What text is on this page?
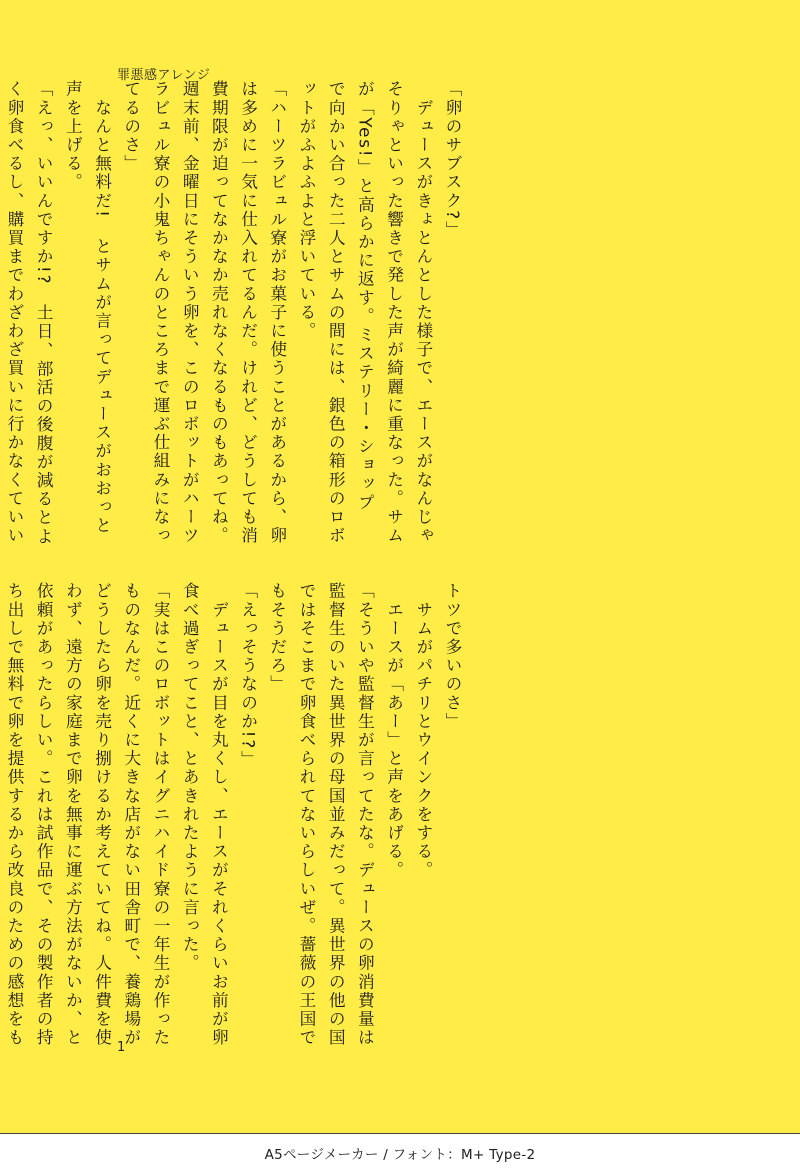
罪悪感アレンジ
「卵のサブスク?」
　デュースがきょとんとした様子で、エースがなんじゃ
そりゃといった響きで発した声が綺麗に重なった。サム
が「Yes!」と高らかに返す。ミステリー・ショップ
で向かい合った二人とサムの間には、銀色の箱形のロボ
ットがふよふよと浮いている。
「ハーツラビュル寮がお菓子に使うことがあるから、卵
は多めに一気に仕入れてるんだ。けれど、どうしても消
費期限が迫ってなかなか売れなくなるものもあってね。
週末前、金曜日にそういう卵を、このロボットがハーツ
ラビュル寮の小鬼ちゃんのところまで運ぶ仕組みになっ
てるのさ」
　なんと無料だ!　とサムが言ってデュースがおおっと
声を上げる。
「えっ、いいんですか!?　土日、部活の後腹が減るとよ
く卵食べるし、購買までわざわざ買いに行かなくていい
トツで多いのさ」
　サムがパチリとウインクをする。
　エースが「あー」と声をあげる。
「そういや監督生が言ってたな。デュースの卵消費量は
監督生のいた異世界の母国並みだって。異世界の他の国
ではそこまで卵食べられてないらしいぜ。薔薇の王国で
もそうだろ」
「えっそうなのか!?」
　デュースが目を丸くし、エースがそれくらいお前が卵
食べ過ぎってこと、とあきれたように言った。
「実はこのロボットはイグニハイド寮の一年生が作った
ものなんだ。近くに大きな店がない田舎町で、養鶏場が
どうしたら卵を売り捌けるか考えていてね。人件費を使
わず、遠方の家庭まで卵を無事に運ぶ方法がないか、と
依頼があったらしい。これは試作品で、その製作者の持
ち出しで無料で卵を提供するから改良のための感想をも
1
A5ページメーカー / フォント：M+ Type-2
